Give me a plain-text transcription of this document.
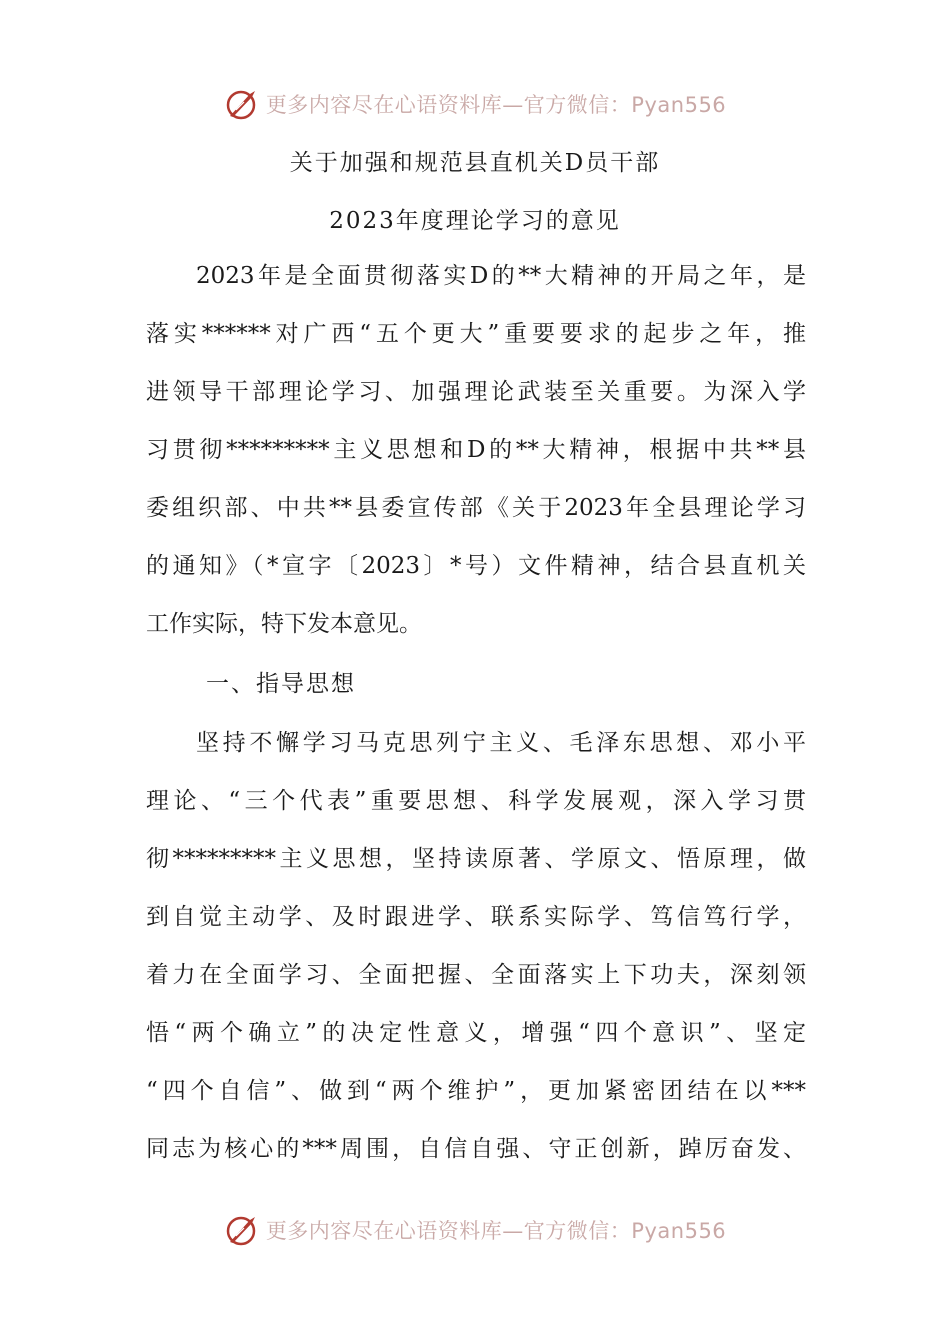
更多内容尽在心语资料库—官方微信：Pyan556
关于加强和规范县直机关D员干部
2023年度理论学习的意见
2023年是全面贯彻落实D的**大精神的开局之年，是
落实******对广西“五个更大”重要要求的起步之年，推
进领导干部理论学习、加强理论武装至关重要。为深入学
习贯彻*********主义思想和D的**大精神，根据中共**县
委组织部、中共**县委宣传部《关于2023年全县理论学习
的通知》（*宣字〔2023〕*号）文件精神，结合县直机关
工作实际，特下发本意见。
一、指导思想
坚持不懈学习马克思列宁主义、毛泽东思想、邓小平
理论、“三个代表”重要思想、科学发展观，深入学习贯
彻*********主义思想，坚持读原著、学原文、悟原理，做
到自觉主动学、及时跟进学、联系实际学、笃信笃行学，
着力在全面学习、全面把握、全面落实上下功夫，深刻领
悟“两个确立”的决定性意义，增强“四个意识”、坚定
“四个自信”、做到“两个维护”，更加紧密团结在以***
同志为核心的***周围，自信自强、守正创新，踔厉奋发、
更多内容尽在心语资料库—官方微信：Pyan556
